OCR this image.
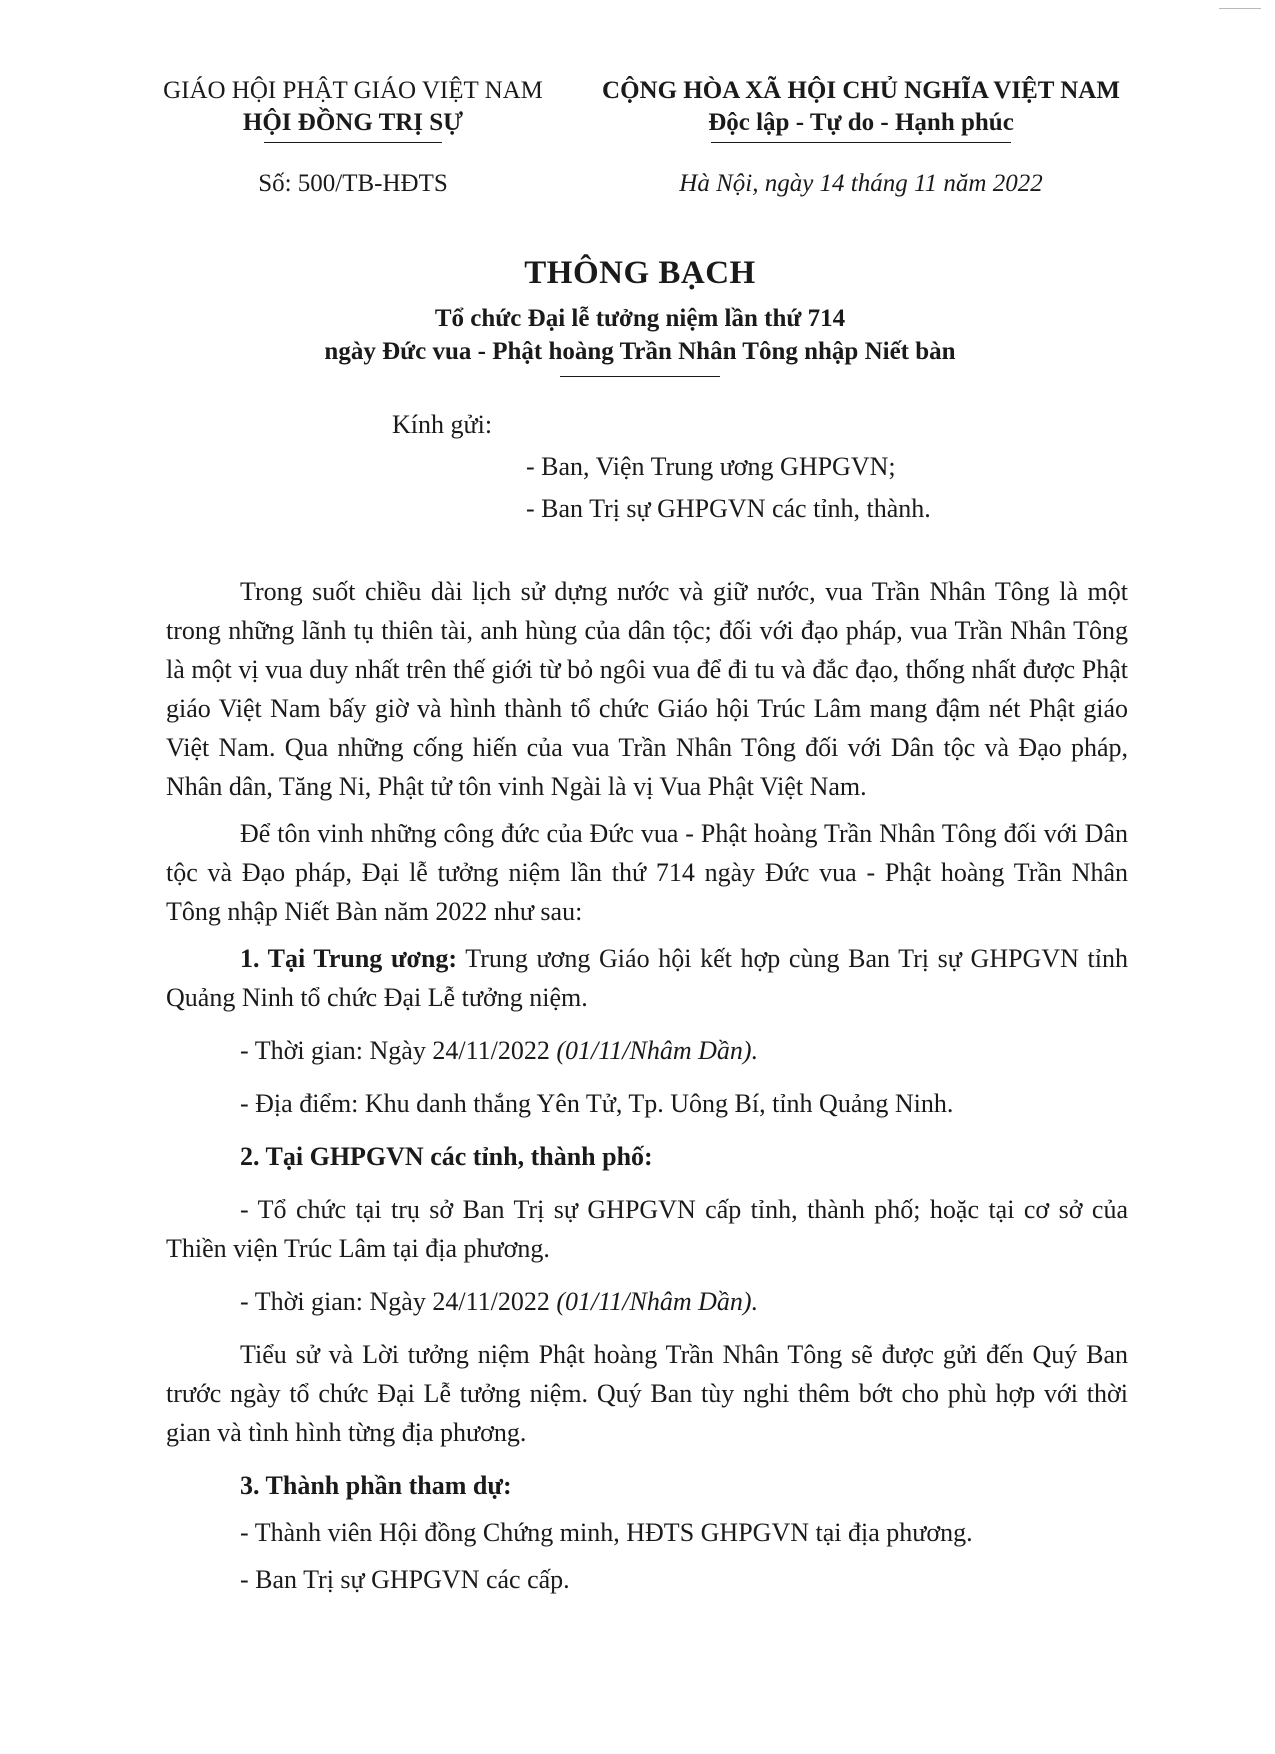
GIÁO HỘI PHẬT GIÁO VIỆT NAM
HỘI ĐỒNG TRỊ SỰ
Số: 500/TB-HĐTS
CỘNG HÒA XÃ HỘI CHỦ NGHĨA VIỆT NAM
Độc lập - Tự do - Hạnh phúc
Hà Nội, ngày 14 tháng 11 năm 2022
THÔNG BẠCH
Tổ chức Đại lễ tưởng niệm lần thứ 714
ngày Đức vua - Phật hoàng Trần Nhân Tông nhập Niết bàn
Kính gửi:
- Ban, Viện Trung ương GHPGVN;
- Ban Trị sự GHPGVN các tỉnh, thành.

Trong suốt chiều dài lịch sử dựng nước và giữ nước, vua Trần Nhân Tông là một trong những lãnh tụ thiên tài, anh hùng của dân tộc; đối với đạo pháp, vua Trần Nhân Tông là một vị vua duy nhất trên thế giới từ bỏ ngôi vua để đi tu và đắc đạo, thống nhất được Phật giáo Việt Nam bấy giờ và hình thành tổ chức Giáo hội Trúc Lâm mang đậm nét Phật giáo Việt Nam. Qua những cống hiến của vua Trần Nhân Tông đối với Dân tộc và Đạo pháp, Nhân dân, Tăng Ni, Phật tử tôn vinh Ngài là vị Vua Phật Việt Nam.

Để tôn vinh những công đức của Đức vua - Phật hoàng Trần Nhân Tông đối với Dân tộc và Đạo pháp, Đại lễ tưởng niệm lần thứ 714 ngày Đức vua - Phật hoàng Trần Nhân Tông nhập Niết Bàn năm 2022 như sau:

1. Tại Trung ương: Trung ương Giáo hội kết hợp cùng Ban Trị sự GHPGVN tỉnh Quảng Ninh tổ chức Đại Lễ tưởng niệm.

- Thời gian: Ngày 24/11/2022 (01/11/Nhâm Dần).

- Địa điểm: Khu danh thắng Yên Tử, Tp. Uông Bí, tỉnh Quảng Ninh.

2. Tại GHPGVN các tỉnh, thành phố:

- Tổ chức tại trụ sở Ban Trị sự GHPGVN cấp tỉnh, thành phố; hoặc tại cơ sở của Thiền viện Trúc Lâm tại địa phương.

- Thời gian: Ngày 24/11/2022 (01/11/Nhâm Dần).

Tiểu sử và Lời tưởng niệm Phật hoàng Trần Nhân Tông sẽ được gửi đến Quý Ban trước ngày tổ chức Đại Lễ tưởng niệm. Quý Ban tùy nghi thêm bớt cho phù hợp với thời gian và tình hình từng địa phương.

3. Thành phần tham dự:

- Thành viên Hội đồng Chứng minh, HĐTS GHPGVN tại địa phương.

- Ban Trị sự GHPGVN các cấp.
